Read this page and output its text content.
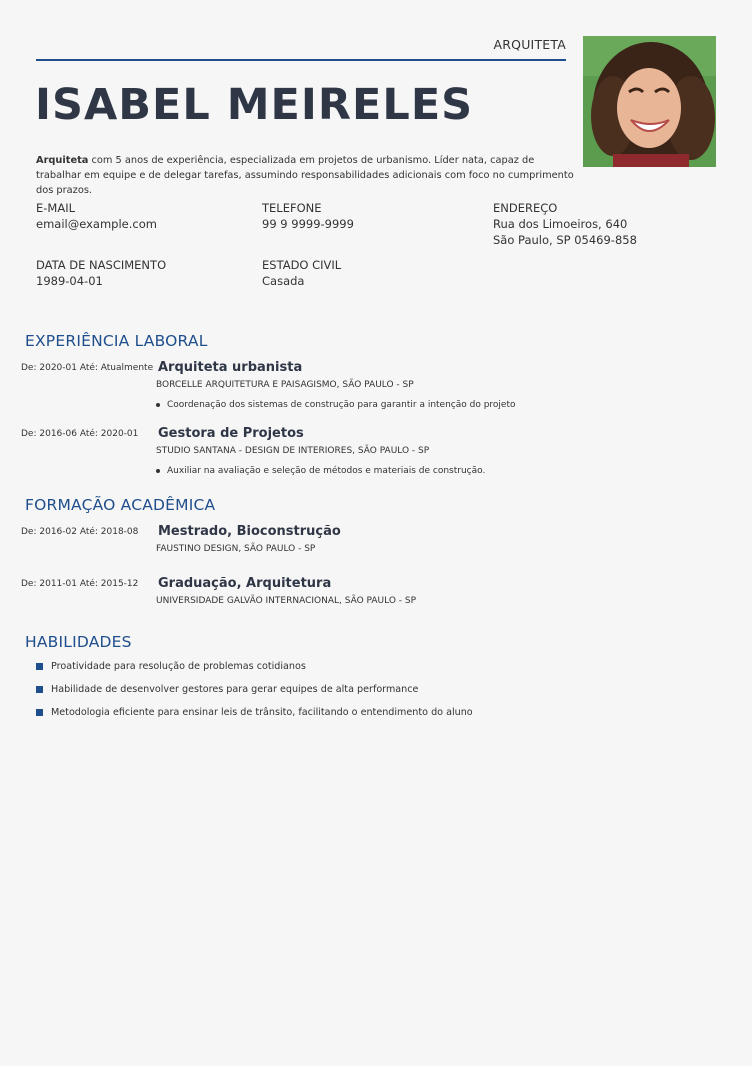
ARQUITETA
ISABEL MEIRELES
Arquiteta com 5 anos de experiência, especializada em projetos de urbanismo. Líder nata, capaz de trabalhar em equipe e de delegar tarefas, assumindo responsabilidades adicionais com foco no cumprimento dos prazos.
E-MAIL
email@example.com
TELEFONE
99 9 9999-9999
ENDEREÇO
Rua dos Limoeiros, 640
São Paulo, SP 05469-858
DATA DE NASCIMENTO
1989-04-01
ESTADO CIVIL
Casada
EXPERIÊNCIA LABORAL
De: 2020-01 Até: Atualmente Arquiteta urbanista
BORCELLE ARQUITETURA E PAISAGISMO, SÃO PAULO - SP
Coordenação dos sistemas de construção para garantir a intenção do projeto
De: 2016-06 Até: 2020-01 Gestora de Projetos
STUDIO SANTANA - DESIGN DE INTERIORES, SÃO PAULO - SP
Auxiliar na avaliação e seleção de métodos e materiais de construção.
FORMAÇÃO ACADÊMICA
De: 2016-02 Até: 2018-08 Mestrado, Bioconstrução
FAUSTINO DESIGN, SÃO PAULO - SP
De: 2011-01 Até: 2015-12 Graduação, Arquitetura
UNIVERSIDADE GALVÃO INTERNACIONAL, SÃO PAULO - SP
HABILIDADES
Proatividade para resolução de problemas cotidianos
Habilidade de desenvolver gestores para gerar equipes de alta performance
Metodologia eficiente para ensinar leis de trânsito, facilitando o entendimento do aluno
